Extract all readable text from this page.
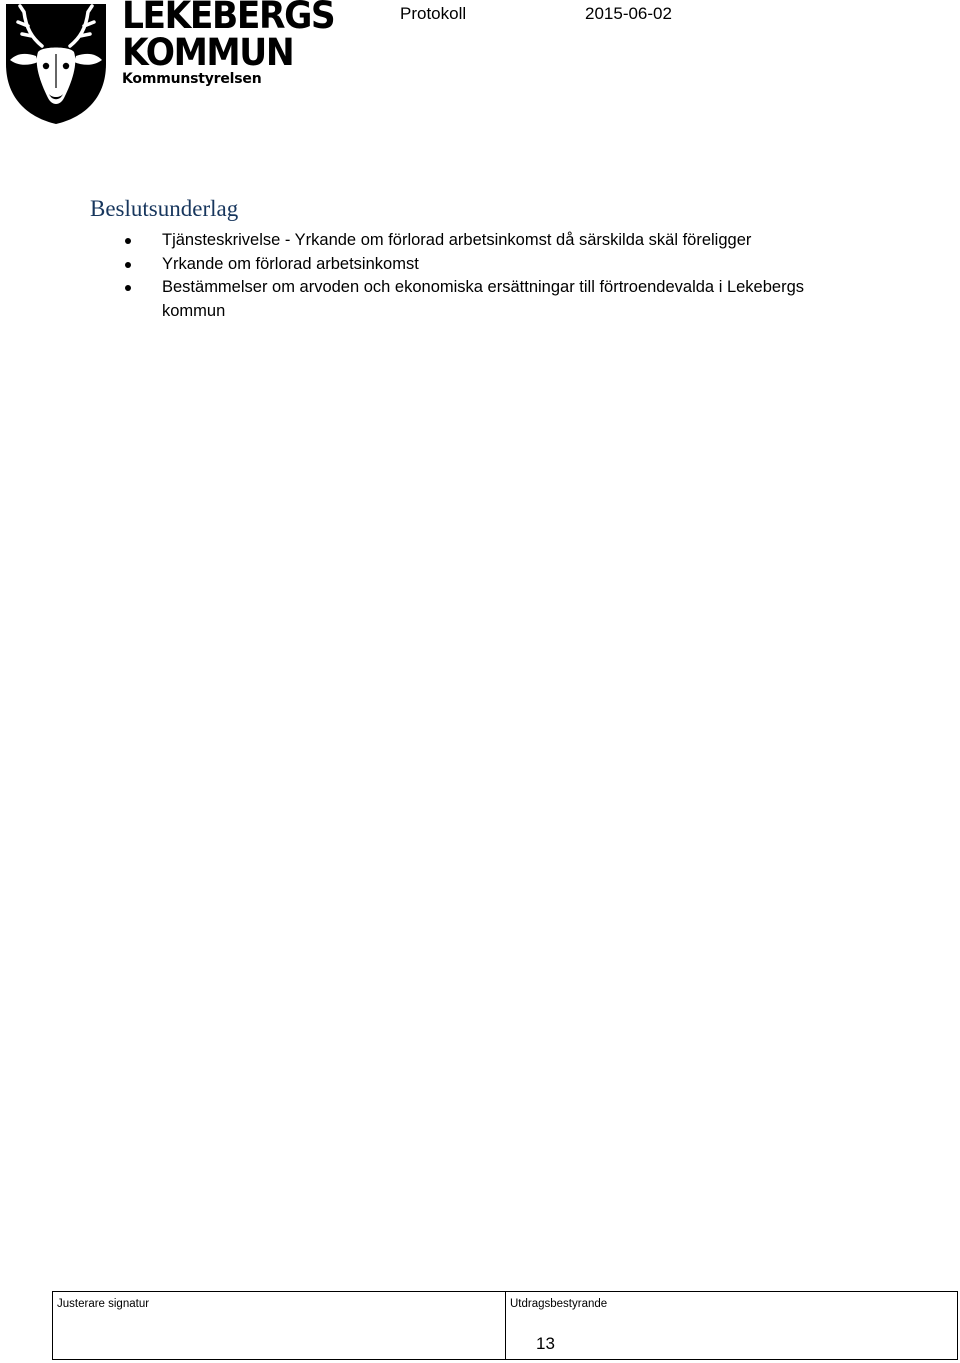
LEKEBERGS
KOMMUN
Kommunstyrelsen
Protokoll	2015-06-02
Beslutsunderlag
Tjänsteskrivelse - Yrkande om förlorad arbetsinkomst då särskilda skäl föreligger
Yrkande om förlorad arbetsinkomst
Bestämmelser om arvoden och ekonomiska ersättningar till förtroendevalda i Lekebergs kommun
Justerare signatur	Utdragsbestyrande
13
